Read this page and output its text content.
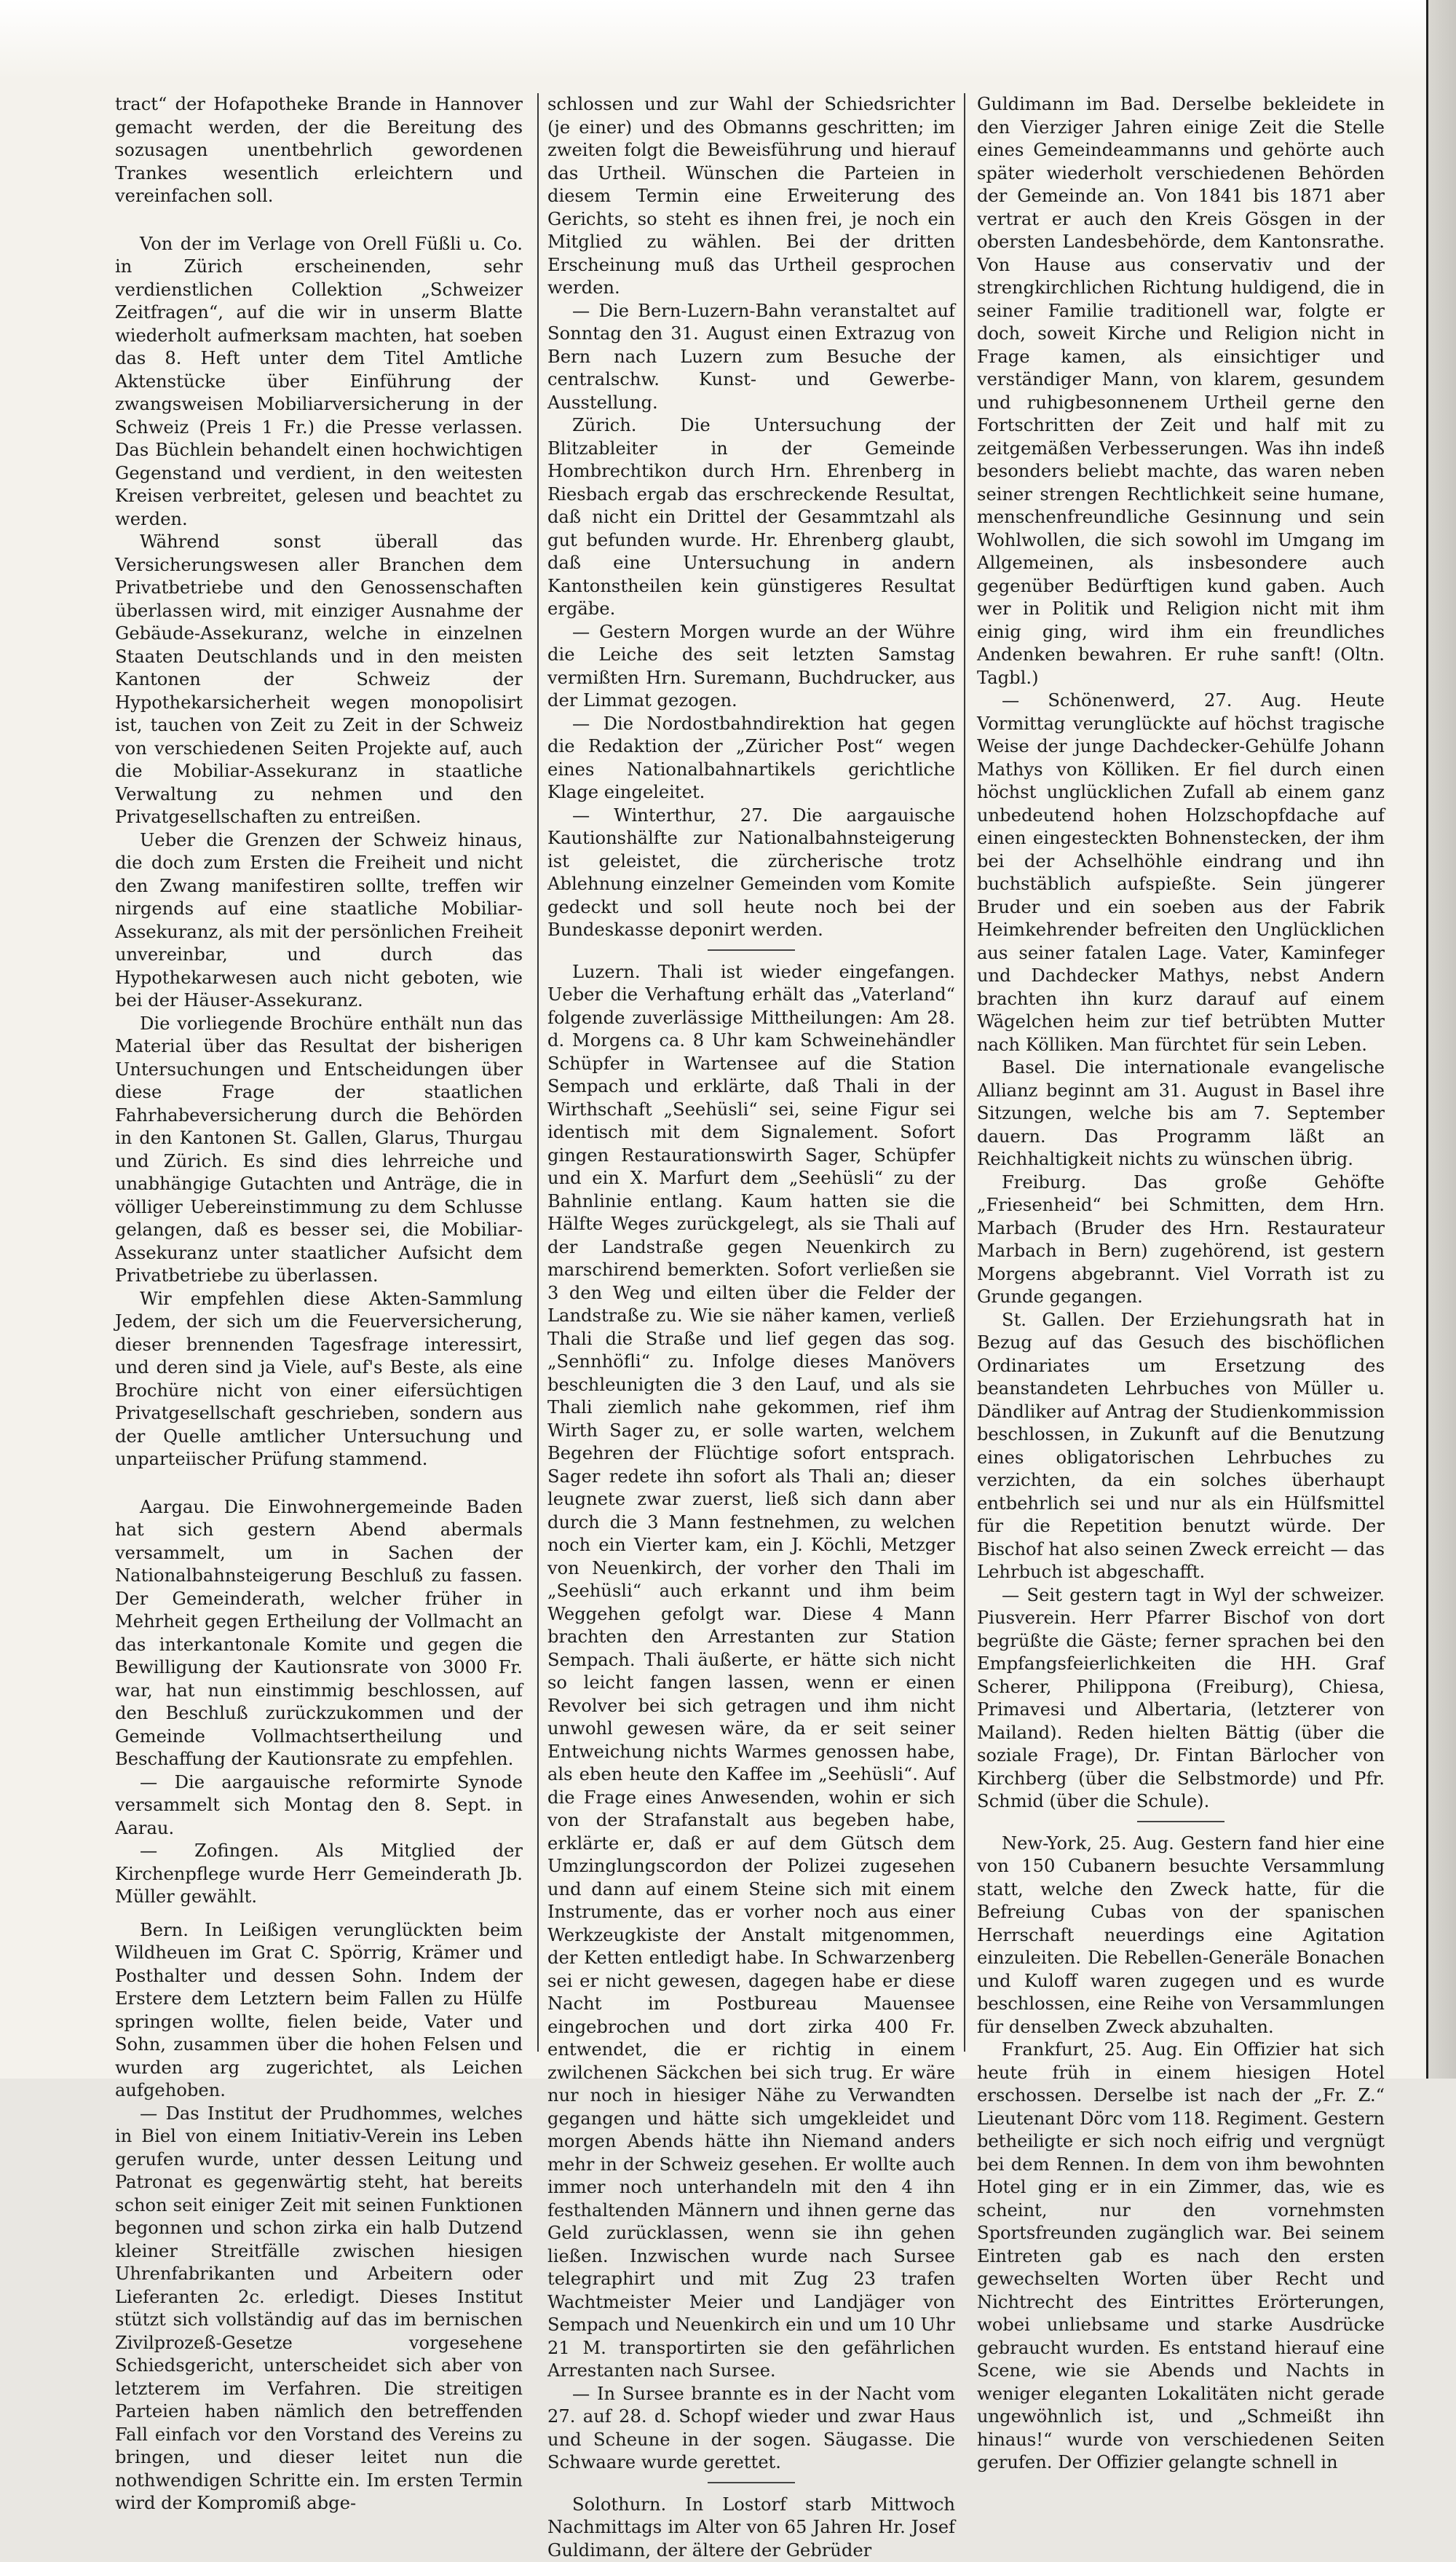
tract“ der Hofapotheke Brande in Hannover gemacht werden, der die Bereitung des sozusagen unentbehrlich gewordenen Trankes wesentlich erleichtern und vereinfachen soll.

Von der im Verlage von Orell Füßli u. Co. in Zürich erscheinenden, sehr verdienstlichen Collektion „Schweizer Zeitfragen“, auf die wir in unserm Blatte wiederholt aufmerksam machten, hat soeben das 8. Heft unter dem Titel Amtliche Aktenstücke über Einführung der zwangsweisen Mobiliarversicherung in der Schweiz (Preis 1 Fr.) die Presse verlassen. Das Büchlein behandelt einen hochwichtigen Gegenstand und verdient, in den weitesten Kreisen verbreitet, gelesen und beachtet zu werden.

Während sonst überall das Versicherungswesen aller Branchen dem Privatbetriebe und den Genossenschaften überlassen wird, mit einziger Ausnahme der Gebäude-Assekuranz, welche in einzelnen Staaten Deutschlands und in den meisten Kantonen der Schweiz der Hypothekarsicherheit wegen monopolisirt ist, tauchen von Zeit zu Zeit in der Schweiz von verschiedenen Seiten Projekte auf, auch die Mobiliar-Assekuranz in staatliche Verwaltung zu nehmen und den Privatgesellschaften zu entreißen.

Ueber die Grenzen der Schweiz hinaus, die doch zum Ersten die Freiheit und nicht den Zwang manifestiren sollte, treffen wir nirgends auf eine staatliche Mobiliar-Assekuranz, als mit der persönlichen Freiheit unvereinbar, und durch das Hypothekarwesen auch nicht geboten, wie bei der Häuser-Assekuranz.

Die vorliegende Brochüre enthält nun das Material über das Resultat der bisherigen Untersuchungen und Entscheidungen über diese Frage der staatlichen Fahrhabeversicherung durch die Behörden in den Kantonen St. Gallen, Glarus, Thurgau und Zürich. Es sind dies lehrreiche und unabhängige Gutachten und Anträge, die in völliger Uebereinstimmung zu dem Schlusse gelangen, daß es besser sei, die Mobiliar-Assekuranz unter staatlicher Aufsicht dem Privatbetriebe zu überlassen.

Wir empfehlen diese Akten-Sammlung Jedem, der sich um die Feuerversicherung, dieser brennenden Tagesfrage interessirt, und deren sind ja Viele, auf's Beste, als eine Brochüre nicht von einer eifersüchtigen Privatgesellschaft geschrieben, sondern aus der Quelle amtlicher Untersuchung und unparteiischer Prüfung stammend.

Aargau. Die Einwohnergemeinde Baden hat sich gestern Abend abermals versammelt, um in Sachen der Nationalbahnsteigerung Beschluß zu fassen. Der Gemeinderath, welcher früher in Mehrheit gegen Ertheilung der Vollmacht an das interkantonale Komite und gegen die Bewilligung der Kautionsrate von 3000 Fr. war, hat nun einstimmig beschlossen, auf den Beschluß zurückzukommen und der Gemeinde Vollmachtsertheilung und Beschaffung der Kautionsrate zu empfehlen.

— Die aargauische reformirte Synode versammelt sich Montag den 8. Sept. in Aarau.

— Zofingen. Als Mitglied der Kirchenpflege wurde Herr Gemeinderath Jb. Müller gewählt.

Bern. In Leißigen verunglückten beim Wildheuen im Grat C. Spörrig, Krämer und Posthalter und dessen Sohn. Indem der Erstere dem Letztern beim Fallen zu Hülfe springen wollte, fielen beide, Vater und Sohn, zusammen über die hohen Felsen und wurden arg zugerichtet, als Leichen aufgehoben.

— Das Institut der Prudhommes, welches in Biel von einem Initiativ-Verein ins Leben gerufen wurde, unter dessen Leitung und Patronat es gegenwärtig steht, hat bereits schon seit einiger Zeit mit seinen Funktionen begonnen und schon zirka ein halb Dutzend kleiner Streitfälle zwischen hiesigen Uhrenfabrikanten und Arbeitern oder Lieferanten 2c. erledigt. Dieses Institut stützt sich vollständig auf das im bernischen Zivilprozeß-Gesetze vorgesehene Schiedsgericht, unterscheidet sich aber von letzterem im Verfahren. Die streitigen Parteien haben nämlich den betreffenden Fall einfach vor den Vorstand des Vereins zu bringen, und dieser leitet nun die nothwendigen Schritte ein. Im ersten Termin wird der Kompromiß abge-

schlossen und zur Wahl der Schiedsrichter (je einer) und des Obmanns geschritten; im zweiten folgt die Beweisführung und hierauf das Urtheil. Wünschen die Parteien in diesem Termin eine Erweiterung des Gerichts, so steht es ihnen frei, je noch ein Mitglied zu wählen. Bei der dritten Erscheinung muß das Urtheil gesprochen werden.

— Die Bern-Luzern-Bahn veranstaltet auf Sonntag den 31. August einen Extrazug von Bern nach Luzern zum Besuche der centralschw. Kunst- und Gewerbe-Ausstellung.

Zürich. Die Untersuchung der Blitzableiter in der Gemeinde Hombrechtikon durch Hrn. Ehrenberg in Riesbach ergab das erschreckende Resultat, daß nicht ein Drittel der Gesammtzahl als gut befunden wurde. Hr. Ehrenberg glaubt, daß eine Untersuchung in andern Kantonstheilen kein günstigeres Resultat ergäbe.

— Gestern Morgen wurde an der Wühre die Leiche des seit letzten Samstag vermißten Hrn. Suremann, Buchdrucker, aus der Limmat gezogen.

— Die Nordostbahndirektion hat gegen die Redaktion der „Züricher Post“ wegen eines Nationalbahnartikels gerichtliche Klage eingeleitet.

— Winterthur, 27. Die aargauische Kautionshälfte zur Nationalbahnsteigerung ist geleistet, die zürcherische trotz Ablehnung einzelner Gemeinden vom Komite gedeckt und soll heute noch bei der Bundeskasse deponirt werden.

Luzern. Thali ist wieder eingefangen. Ueber die Verhaftung erhält das „Vaterland“ folgende zuverlässige Mittheilungen: Am 28. d. Morgens ca. 8 Uhr kam Schweinehändler Schüpfer in Wartensee auf die Station Sempach und erklärte, daß Thali in der Wirthschaft „Seehüsli“ sei, seine Figur sei identisch mit dem Signalement. Sofort gingen Restaurationswirth Sager, Schüpfer und ein X. Marfurt dem „Seehüsli“ zu der Bahnlinie entlang. Kaum hatten sie die Hälfte Weges zurückgelegt, als sie Thali auf der Landstraße gegen Neuenkirch zu marschirend bemerkten. Sofort verließen sie 3 den Weg und eilten über die Felder der Landstraße zu. Wie sie näher kamen, verließ Thali die Straße und lief gegen das sog. „Sennhöfli“ zu. Infolge dieses Manövers beschleunigten die 3 den Lauf, und als sie Thali ziemlich nahe gekommen, rief ihm Wirth Sager zu, er solle warten, welchem Begehren der Flüchtige sofort entsprach. Sager redete ihn sofort als Thali an; dieser leugnete zwar zuerst, ließ sich dann aber durch die 3 Mann festnehmen, zu welchen noch ein Vierter kam, ein J. Köchli, Metzger von Neuenkirch, der vorher den Thali im „Seehüsli“ auch erkannt und ihm beim Weggehen gefolgt war. Diese 4 Mann brachten den Arrestanten zur Station Sempach. Thali äußerte, er hätte sich nicht so leicht fangen lassen, wenn er einen Revolver bei sich getragen und ihm nicht unwohl gewesen wäre, da er seit seiner Entweichung nichts Warmes genossen habe, als eben heute den Kaffee im „Seehüsli“. Auf die Frage eines Anwesenden, wohin er sich von der Strafanstalt aus begeben habe, erklärte er, daß er auf dem Gütsch dem Umzinglungscordon der Polizei zugesehen und dann auf einem Steine sich mit einem Instrumente, das er vorher noch aus einer Werkzeugkiste der Anstalt mitgenommen, der Ketten entledigt habe. In Schwarzenberg sei er nicht gewesen, dagegen habe er diese Nacht im Postbureau Mauensee eingebrochen und dort zirka 400 Fr. entwendet, die er richtig in einem zwilchenen Säckchen bei sich trug. Er wäre nur noch in hiesiger Nähe zu Verwandten gegangen und hätte sich umgekleidet und morgen Abends hätte ihn Niemand anders mehr in der Schweiz gesehen. Er wollte auch immer noch unterhandeln mit den 4 ihn festhaltenden Männern und ihnen gerne das Geld zurücklassen, wenn sie ihn gehen ließen. Inzwischen wurde nach Sursee telegraphirt und mit Zug 23 trafen Wachtmeister Meier und Landjäger von Sempach und Neuenkirch ein und um 10 Uhr 21 M. transportirten sie den gefährlichen Arrestanten nach Sursee.

— In Sursee brannte es in der Nacht vom 27. auf 28. d. Schopf wieder und zwar Haus und Scheune in der sogen. Säugasse. Die Schwaare wurde gerettet.

Solothurn. In Lostorf starb Mittwoch Nachmittags im Alter von 65 Jahren Hr. Josef Guldimann, der ältere der Gebrüder

Guldimann im Bad. Derselbe bekleidete in den Vierziger Jahren einige Zeit die Stelle eines Gemeindeammanns und gehörte auch später wiederholt verschiedenen Behörden der Gemeinde an. Von 1841 bis 1871 aber vertrat er auch den Kreis Gösgen in der obersten Landesbehörde, dem Kantonsrathe. Von Hause aus conservativ und der strengkirchlichen Richtung huldigend, die in seiner Familie traditionell war, folgte er doch, soweit Kirche und Religion nicht in Frage kamen, als einsichtiger und verständiger Mann, von klarem, gesundem und ruhigbesonnenem Urtheil gerne den Fortschritten der Zeit und half mit zu zeitgemäßen Verbesserungen. Was ihn indeß besonders beliebt machte, das waren neben seiner strengen Rechtlichkeit seine humane, menschenfreundliche Gesinnung und sein Wohlwollen, die sich sowohl im Umgang im Allgemeinen, als insbesondere auch gegenüber Bedürftigen kund gaben. Auch wer in Politik und Religion nicht mit ihm einig ging, wird ihm ein freundliches Andenken bewahren. Er ruhe sanft! (Oltn. Tagbl.)

— Schönenwerd, 27. Aug. Heute Vormittag verunglückte auf höchst tragische Weise der junge Dachdecker-Gehülfe Johann Mathys von Kölliken. Er fiel durch einen höchst unglücklichen Zufall ab einem ganz unbedeutend hohen Holzschopfdache auf einen eingesteckten Bohnenstecken, der ihm bei der Achselhöhle eindrang und ihn buchstäblich aufspießte. Sein jüngerer Bruder und ein soeben aus der Fabrik Heimkehrender befreiten den Unglücklichen aus seiner fatalen Lage. Vater, Kaminfeger und Dachdecker Mathys, nebst Andern brachten ihn kurz darauf auf einem Wägelchen heim zur tief betrübten Mutter nach Kölliken. Man fürchtet für sein Leben.

Basel. Die internationale evangelische Allianz beginnt am 31. August in Basel ihre Sitzungen, welche bis am 7. September dauern. Das Programm läßt an Reichhaltigkeit nichts zu wünschen übrig.

Freiburg. Das große Gehöfte „Friesenheid“ bei Schmitten, dem Hrn. Marbach (Bruder des Hrn. Restaurateur Marbach in Bern) zugehörend, ist gestern Morgens abgebrannt. Viel Vorrath ist zu Grunde gegangen.

St. Gallen. Der Erziehungsrath hat in Bezug auf das Gesuch des bischöflichen Ordinariates um Ersetzung des beanstandeten Lehrbuches von Müller u. Dändliker auf Antrag der Studienkommission beschlossen, in Zukunft auf die Benutzung eines obligatorischen Lehrbuches zu verzichten, da ein solches überhaupt entbehrlich sei und nur als ein Hülfsmittel für die Repetition benutzt würde. Der Bischof hat also seinen Zweck erreicht — das Lehrbuch ist abgeschafft.

— Seit gestern tagt in Wyl der schweizer. Piusverein. Herr Pfarrer Bischof von dort begrüßte die Gäste; ferner sprachen bei den Empfangsfeierlichkeiten die HH. Graf Scherer, Philippona (Freiburg), Chiesa, Primavesi und Albertaria, (letzterer von Mailand). Reden hielten Bättig (über die soziale Frage), Dr. Fintan Bärlocher von Kirchberg (über die Selbstmorde) und Pfr. Schmid (über die Schule).

New-York, 25. Aug. Gestern fand hier eine von 150 Cubanern besuchte Versammlung statt, welche den Zweck hatte, für die Befreiung Cubas von der spanischen Herrschaft neuerdings eine Agitation einzuleiten. Die Rebellen-Generäle Bonachen und Kuloff waren zugegen und es wurde beschlossen, eine Reihe von Versammlungen für denselben Zweck abzuhalten.

Frankfurt, 25. Aug. Ein Offizier hat sich heute früh in einem hiesigen Hotel erschossen. Derselbe ist nach der „Fr. Z.“ Lieutenant Dörc vom 118. Regiment. Gestern betheiligte er sich noch eifrig und vergnügt bei dem Rennen. In dem von ihm bewohnten Hotel ging er in ein Zimmer, das, wie es scheint, nur den vornehmsten Sportsfreunden zugänglich war. Bei seinem Eintreten gab es nach den ersten gewechselten Worten über Recht und Nichtrecht des Eintrittes Erörterungen, wobei unliebsame und starke Ausdrücke gebraucht wurden. Es entstand hierauf eine Scene, wie sie Abends und Nachts in weniger eleganten Lokalitäten nicht gerade ungewöhnlich ist, und „Schmeißt ihn hinaus!“ wurde von verschiedenen Seiten gerufen. Der Offizier gelangte schnell in
